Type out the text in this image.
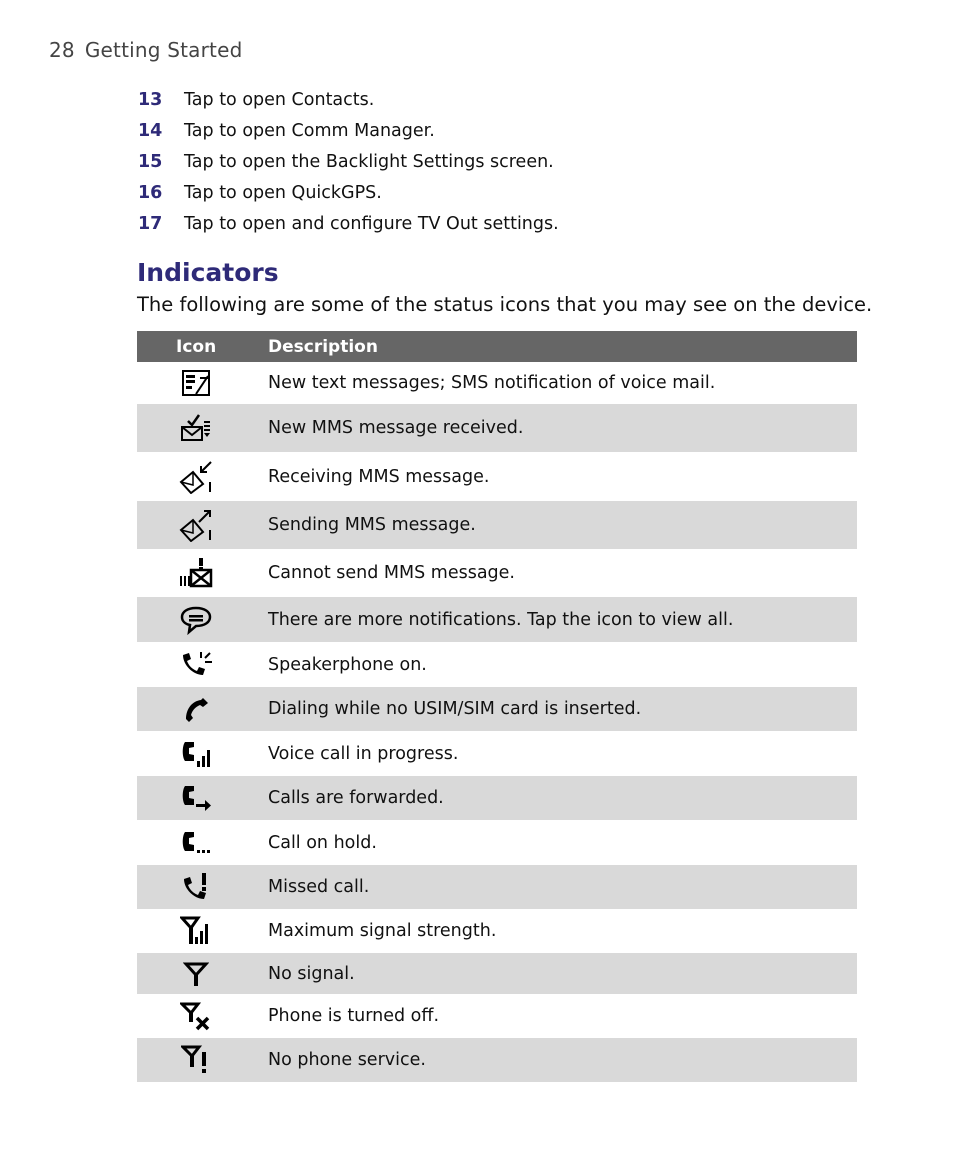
28 Getting Started
13	Tap to open Contacts.
14	Tap to open Comm Manager.
15	Tap to open the Backlight Settings screen.
16	Tap to open QuickGPS.
17	Tap to open and configure TV Out settings.
Indicators
The following are some of the status icons that you may see on the device.
Icon	Description

	New text messages; SMS notification of voice mail.

	New MMS message received.

	Receiving MMS message.

	Sending MMS message.

	Cannot send MMS message.

	There are more notifications. Tap the icon to view all.

	Speakerphone on.

	Dialing while no USIM/SIM card is inserted.

	Voice call in progress.

	Calls are forwarded.

	Call on hold.

	Missed call.

	Maximum signal strength.

	No signal.

	Phone is turned off.

	No phone service.
